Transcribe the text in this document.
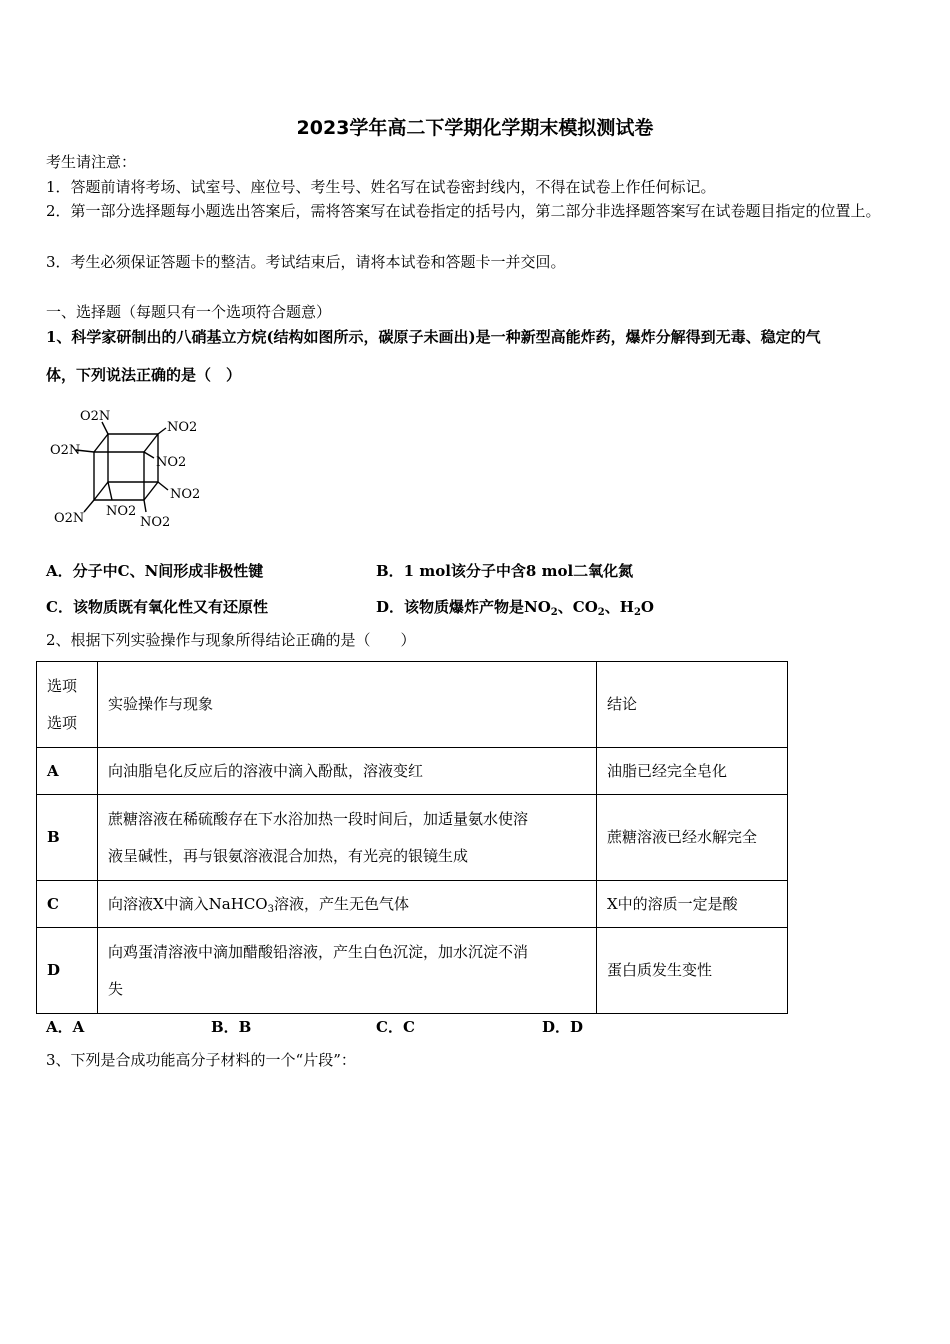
2023学年高二下学期化学期末模拟测试卷
考生请注意：
1．答题前请将考场、试室号、座位号、考生号、姓名写在试卷密封线内，不得在试卷上作任何标记。
2．第一部分选择题每小题选出答案后，需将答案写在试卷指定的括号内，第二部分非选择题答案写在试卷题目指定的位置上。
3．考生必须保证答题卡的整洁。考试结束后，请将本试卷和答题卡一并交回。
一、选择题（每题只有一个选项符合题意）
1、科学家研制出的八硝基立方烷(结构如图所示，碳原子未画出)是一种新型高能炸药，爆炸分解得到无毒、稳定的气
体，下列说法正确的是（　）
O2N
NO2
O2N
NO2
NO2
O2N NO2
NO2
A．分子中C、N间形成非极性键	B．1 mol该分子中含8 mol二氧化氮
C．该物质既有氧化性又有还原性	D．该物质爆炸产物是$NO_2$、$CO_2$、$H_2O$
2、根据下列实验操作与现象所得结论正确的是（　　）
选项
选项	实验操作与现象	结论
A	向油脂皂化反应后的溶液中滴入酚酞，溶液变红	油脂已经完全皂化
B	蔗糖溶液在稀硫酸存在下水浴加热一段时间后，加适量氨水使溶
液呈碱性，再与银氨溶液混合加热，有光亮的银镜生成	蔗糖溶液已经水解完全
C	向溶液X中滴入NaHCO$_3$溶液，产生无色气体	X中的溶质一定是酸
D	向鸡蛋清溶液中滴加醋酸铅溶液，产生白色沉淀，加水沉淀不消
失	蛋白质发生变性
A．A	B．B	C．C	D．D
3、下列是合成功能高分子材料的一个“片段”：
